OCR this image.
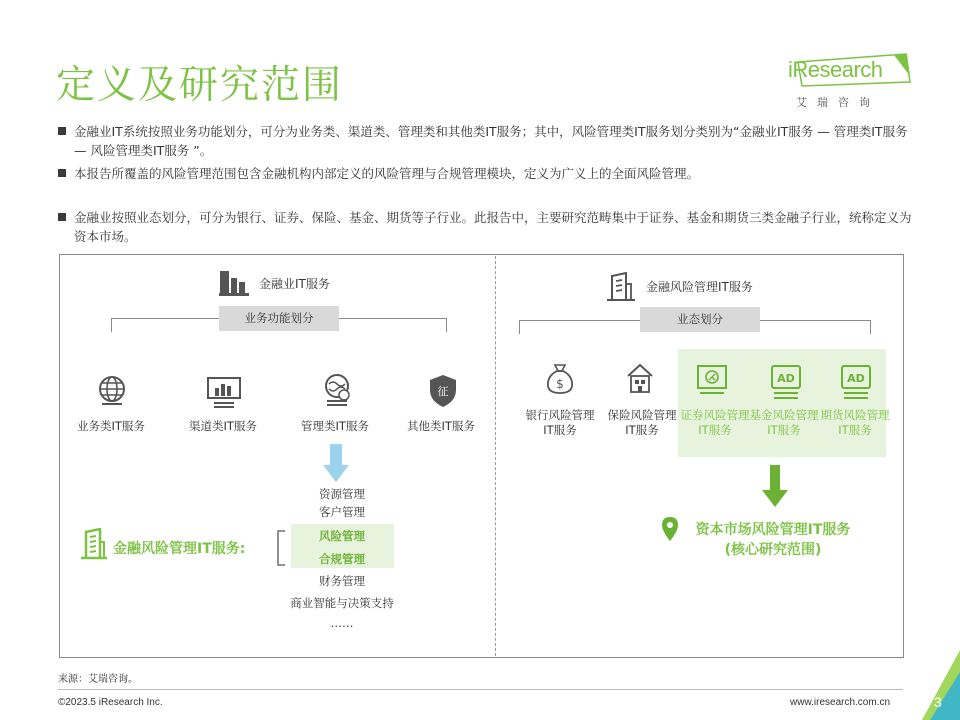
定义及研究范围	iResearch
艾瑞咨询
金融业IT系统按照业务功能划分，可分为业务类、渠道类、管理类和其他类IT服务；其中，风险管理类IT服务划分类别为“金融业IT服务 — 管理类IT服务 — 风险管理类IT服务 ”。
本报告所覆盖的风险管理范围包含金融机构内部定义的风险管理与合规管理模块，定义为广义上的全面风险管理。
金融业按照业态划分，可分为银行、证券、保险、基金、期货等子行业。此报告中，主要研究范畴集中于证券、基金和期货三类金融子行业，统称定义为资本市场。
金融业IT服务
业务功能划分
征
业务类IT服务	渠道类IT服务	管理类IT服务	其他类IT服务
资源管理
客户管理
风险管理
合规管理
财务管理
商业智能与决策支持
……
金融风险管理IT服务:
金融风险管理IT服务
业态划分
$	AD	AD
银行风险管理IT服务
保险风险管理IT服务
证券风险管理IT服务
基金风险管理IT服务
期货风险管理IT服务
资本市场风险管理IT服务
(核心研究范围)
来源：艾瑞咨询。
©2023.5 iResearch Inc.	www.iresearch.com.cn	3
